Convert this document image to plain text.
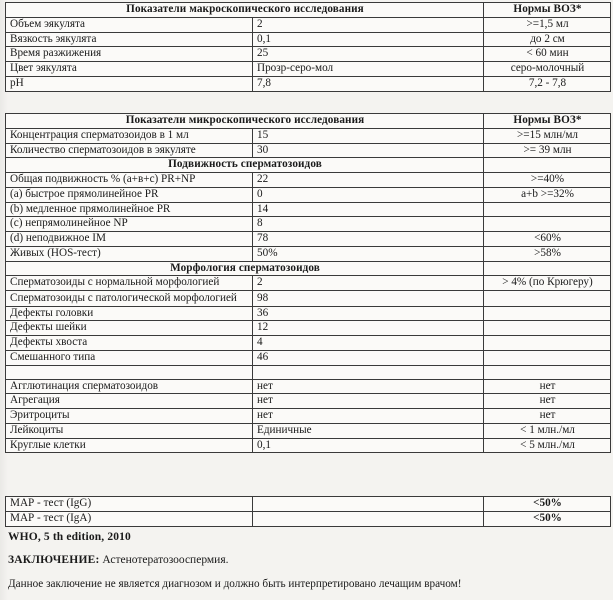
Показатели макроскопического исследования		Нормы ВОЗ*
Объем эякулята	2	>=1,5 мл
Вязкость эякулята	0,1	до 2 см
Время разжижения	25	< 60 мин
Цвет эякулята	Прозр-серо-мол	серо-молочный
pH	7,8	7,2 - 7,8
Показатели микроскопического исследования		Нормы ВОЗ*
Концентрация сперматозоидов в 1 мл	15	>=15 млн/мл
Количество сперматозоидов в эякуляте	30	>= 39 млн
Подвижность сперматозоидов		
Общая подвижность % (а+в+с) PR+NP	22	>=40%
(a) быстрое прямолинейное PR	0	a+b >=32%
(b) медленное прямолинейное PR	14	
(c) непрямолинейное NP	8	
(d) неподвижное IM	78	<60%
Живых (HOS-тест)	50%	>58%
Морфология сперматозоидов		
Сперматозоиды с нормальной морфологией	2	> 4% (по Крюгеру)
Сперматозоиды с патологической морфологией	98	
Дефекты головки	36	
Дефекты шейки	12	
Дефекты хвоста	4	
Смешанного типа	46	

Агглютинация сперматозоидов	нет	нет
Агрегация	нет	нет
Эритроциты	нет	нет
Лейкоциты	Единичные	< 1 млн./мл
Круглые клетки	0,1	< 5 млн./мл
МАР - тест (IgG)		<50%
МАР - тест (IgA)		<50%
WHO, 5 th edition, 2010
ЗАКЛЮЧЕНИЕ: Астенотератозооспермия.
Данное заключение не является диагнозом и должно быть интерпретировано лечащим врачом!
